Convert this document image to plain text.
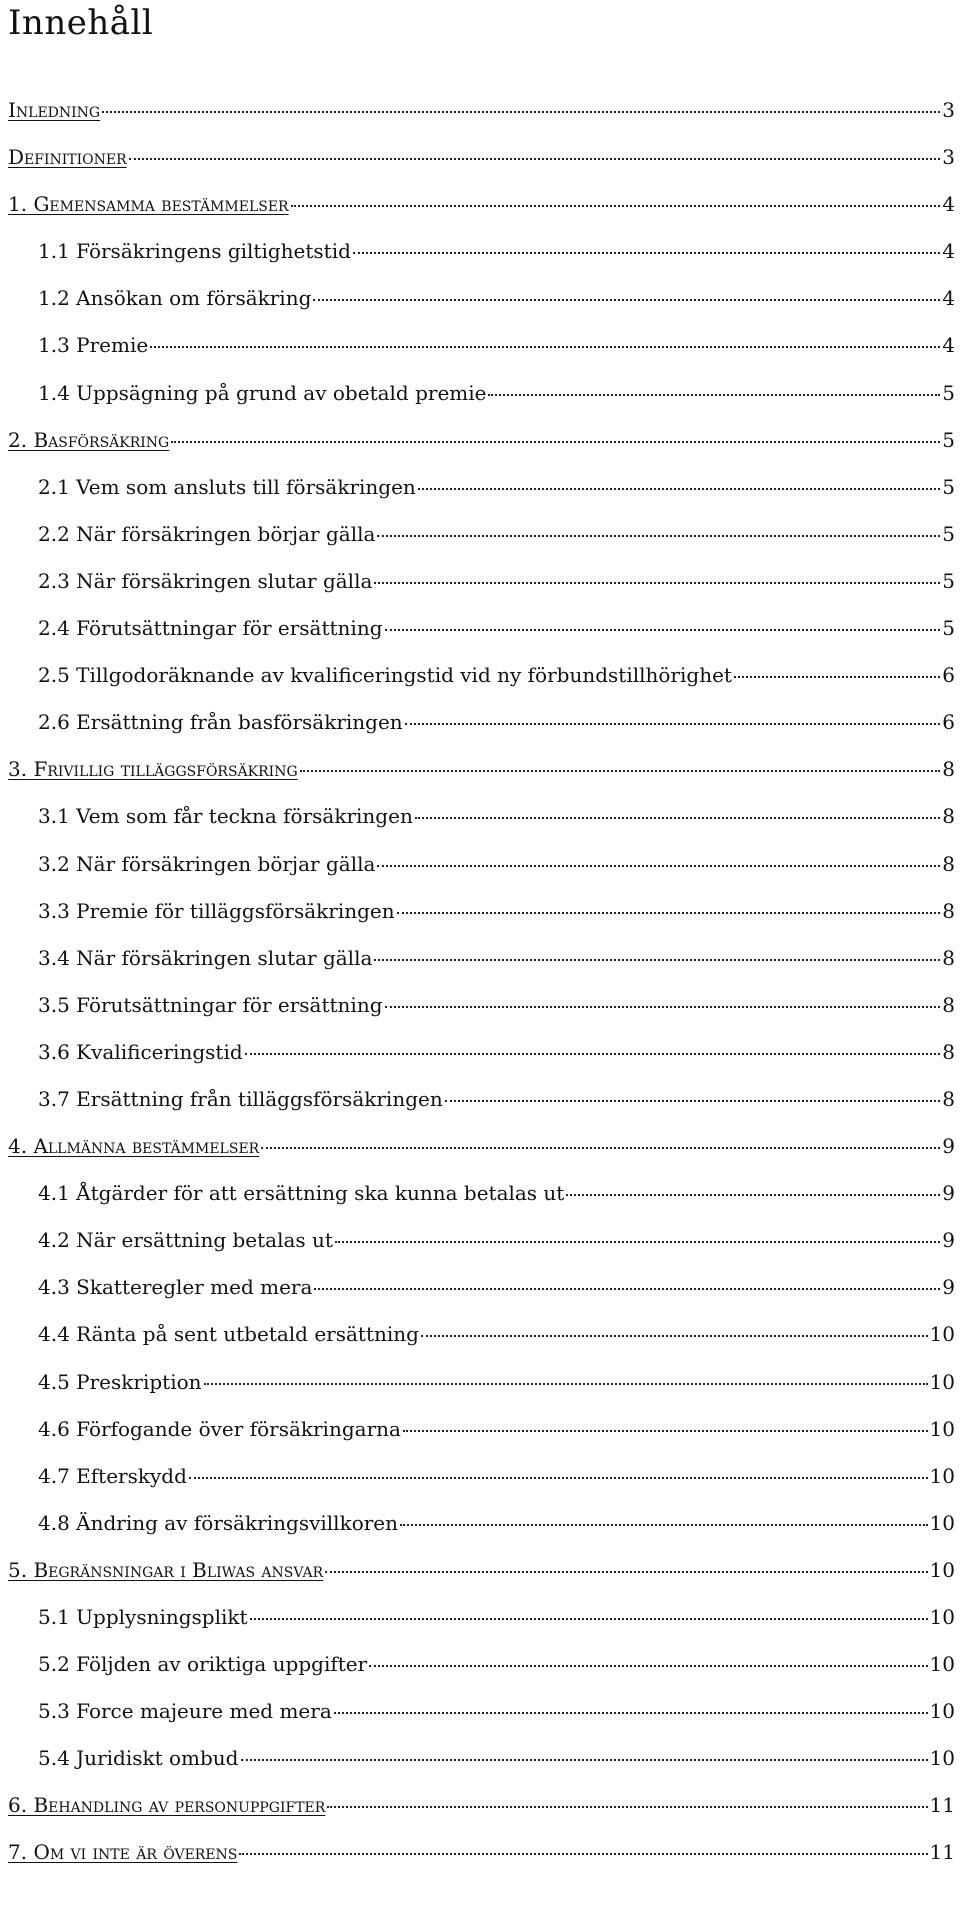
Innehåll
Inledning	3
Definitioner	3
1. Gemensamma bestämmelser	4
1.1 Försäkringens giltighetstid	4
1.2 Ansökan om försäkring	4
1.3 Premie	4
1.4 Uppsägning på grund av obetald premie	5
2. Basförsäkring	5
2.1 Vem som ansluts till försäkringen	5
2.2 När försäkringen börjar gälla	5
2.3 När försäkringen slutar gälla	5
2.4 Förutsättningar för ersättning	5
2.5 Tillgodoräknande av kvalificeringstid vid ny förbundstillhörighet	6
2.6 Ersättning från basförsäkringen	6
3. Frivillig tilläggsförsäkring	8
3.1 Vem som får teckna försäkringen	8
3.2 När försäkringen börjar gälla	8
3.3 Premie för tilläggsförsäkringen	8
3.4 När försäkringen slutar gälla	8
3.5 Förutsättningar för ersättning	8
3.6 Kvalificeringstid	8
3.7 Ersättning från tilläggsförsäkringen	8
4. Allmänna bestämmelser	9
4.1 Åtgärder för att ersättning ska kunna betalas ut	9
4.2 När ersättning betalas ut	9
4.3 Skatteregler med mera	9
4.4 Ränta på sent utbetald ersättning	10
4.5 Preskription	10
4.6 Förfogande över försäkringarna	10
4.7 Efterskydd	10
4.8 Ändring av försäkringsvillkoren	10
5. Begränsningar i Bliwas ansvar	10
5.1 Upplysningsplikt	10
5.2 Följden av oriktiga uppgifter	10
5.3 Force majeure med mera	10
5.4 Juridiskt ombud	10
6. Behandling av personuppgifter	11
7. Om vi inte är överens	11
